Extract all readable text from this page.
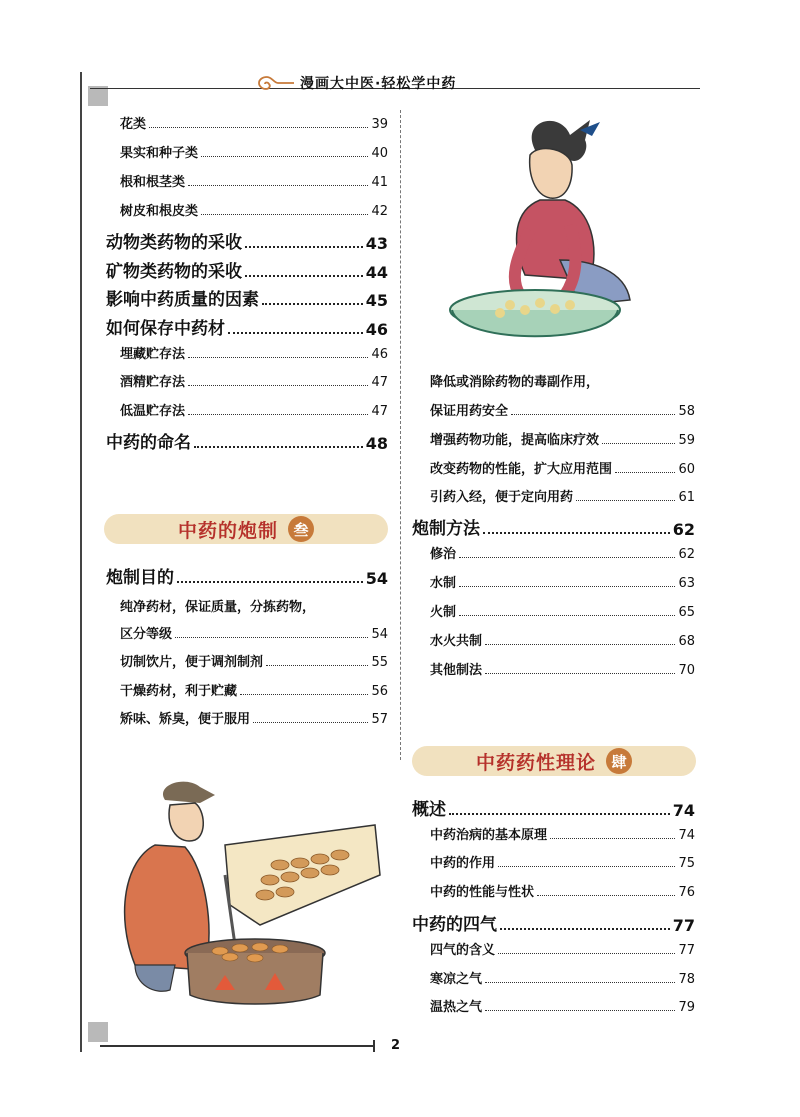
漫画大中医·轻松学中药
花类	39
果实和种子类	40
根和根茎类	41
树皮和根皮类	42
动物类药物的采收	43
矿物类药物的采收	44
影响中药质量的因素	45
如何保存中药材	46
埋藏贮存法	46
酒精贮存法	47
低温贮存法	47
中药的命名	48
中药的炮制	叁
炮制目的	54
纯净药材，保证质量，分拣药物，
区分等级	54
切制饮片，便于调剂制剂	55
干燥药材，利于贮藏	56
矫味、矫臭，便于服用	57
降低或消除药物的毒副作用，
保证用药安全	58
增强药物功能，提高临床疗效	59
改变药物的性能，扩大应用范围	60
引药入经，便于定向用药	61
炮制方法	62
修治	62
水制	63
火制	65
水火共制	68
其他制法	70
中药药性理论	肆
概述	74
中药治病的基本原理	74
中药的作用	75
中药的性能与性状	76
中药的四气	77
四气的含义	77
寒凉之气	78
温热之气	79
2
